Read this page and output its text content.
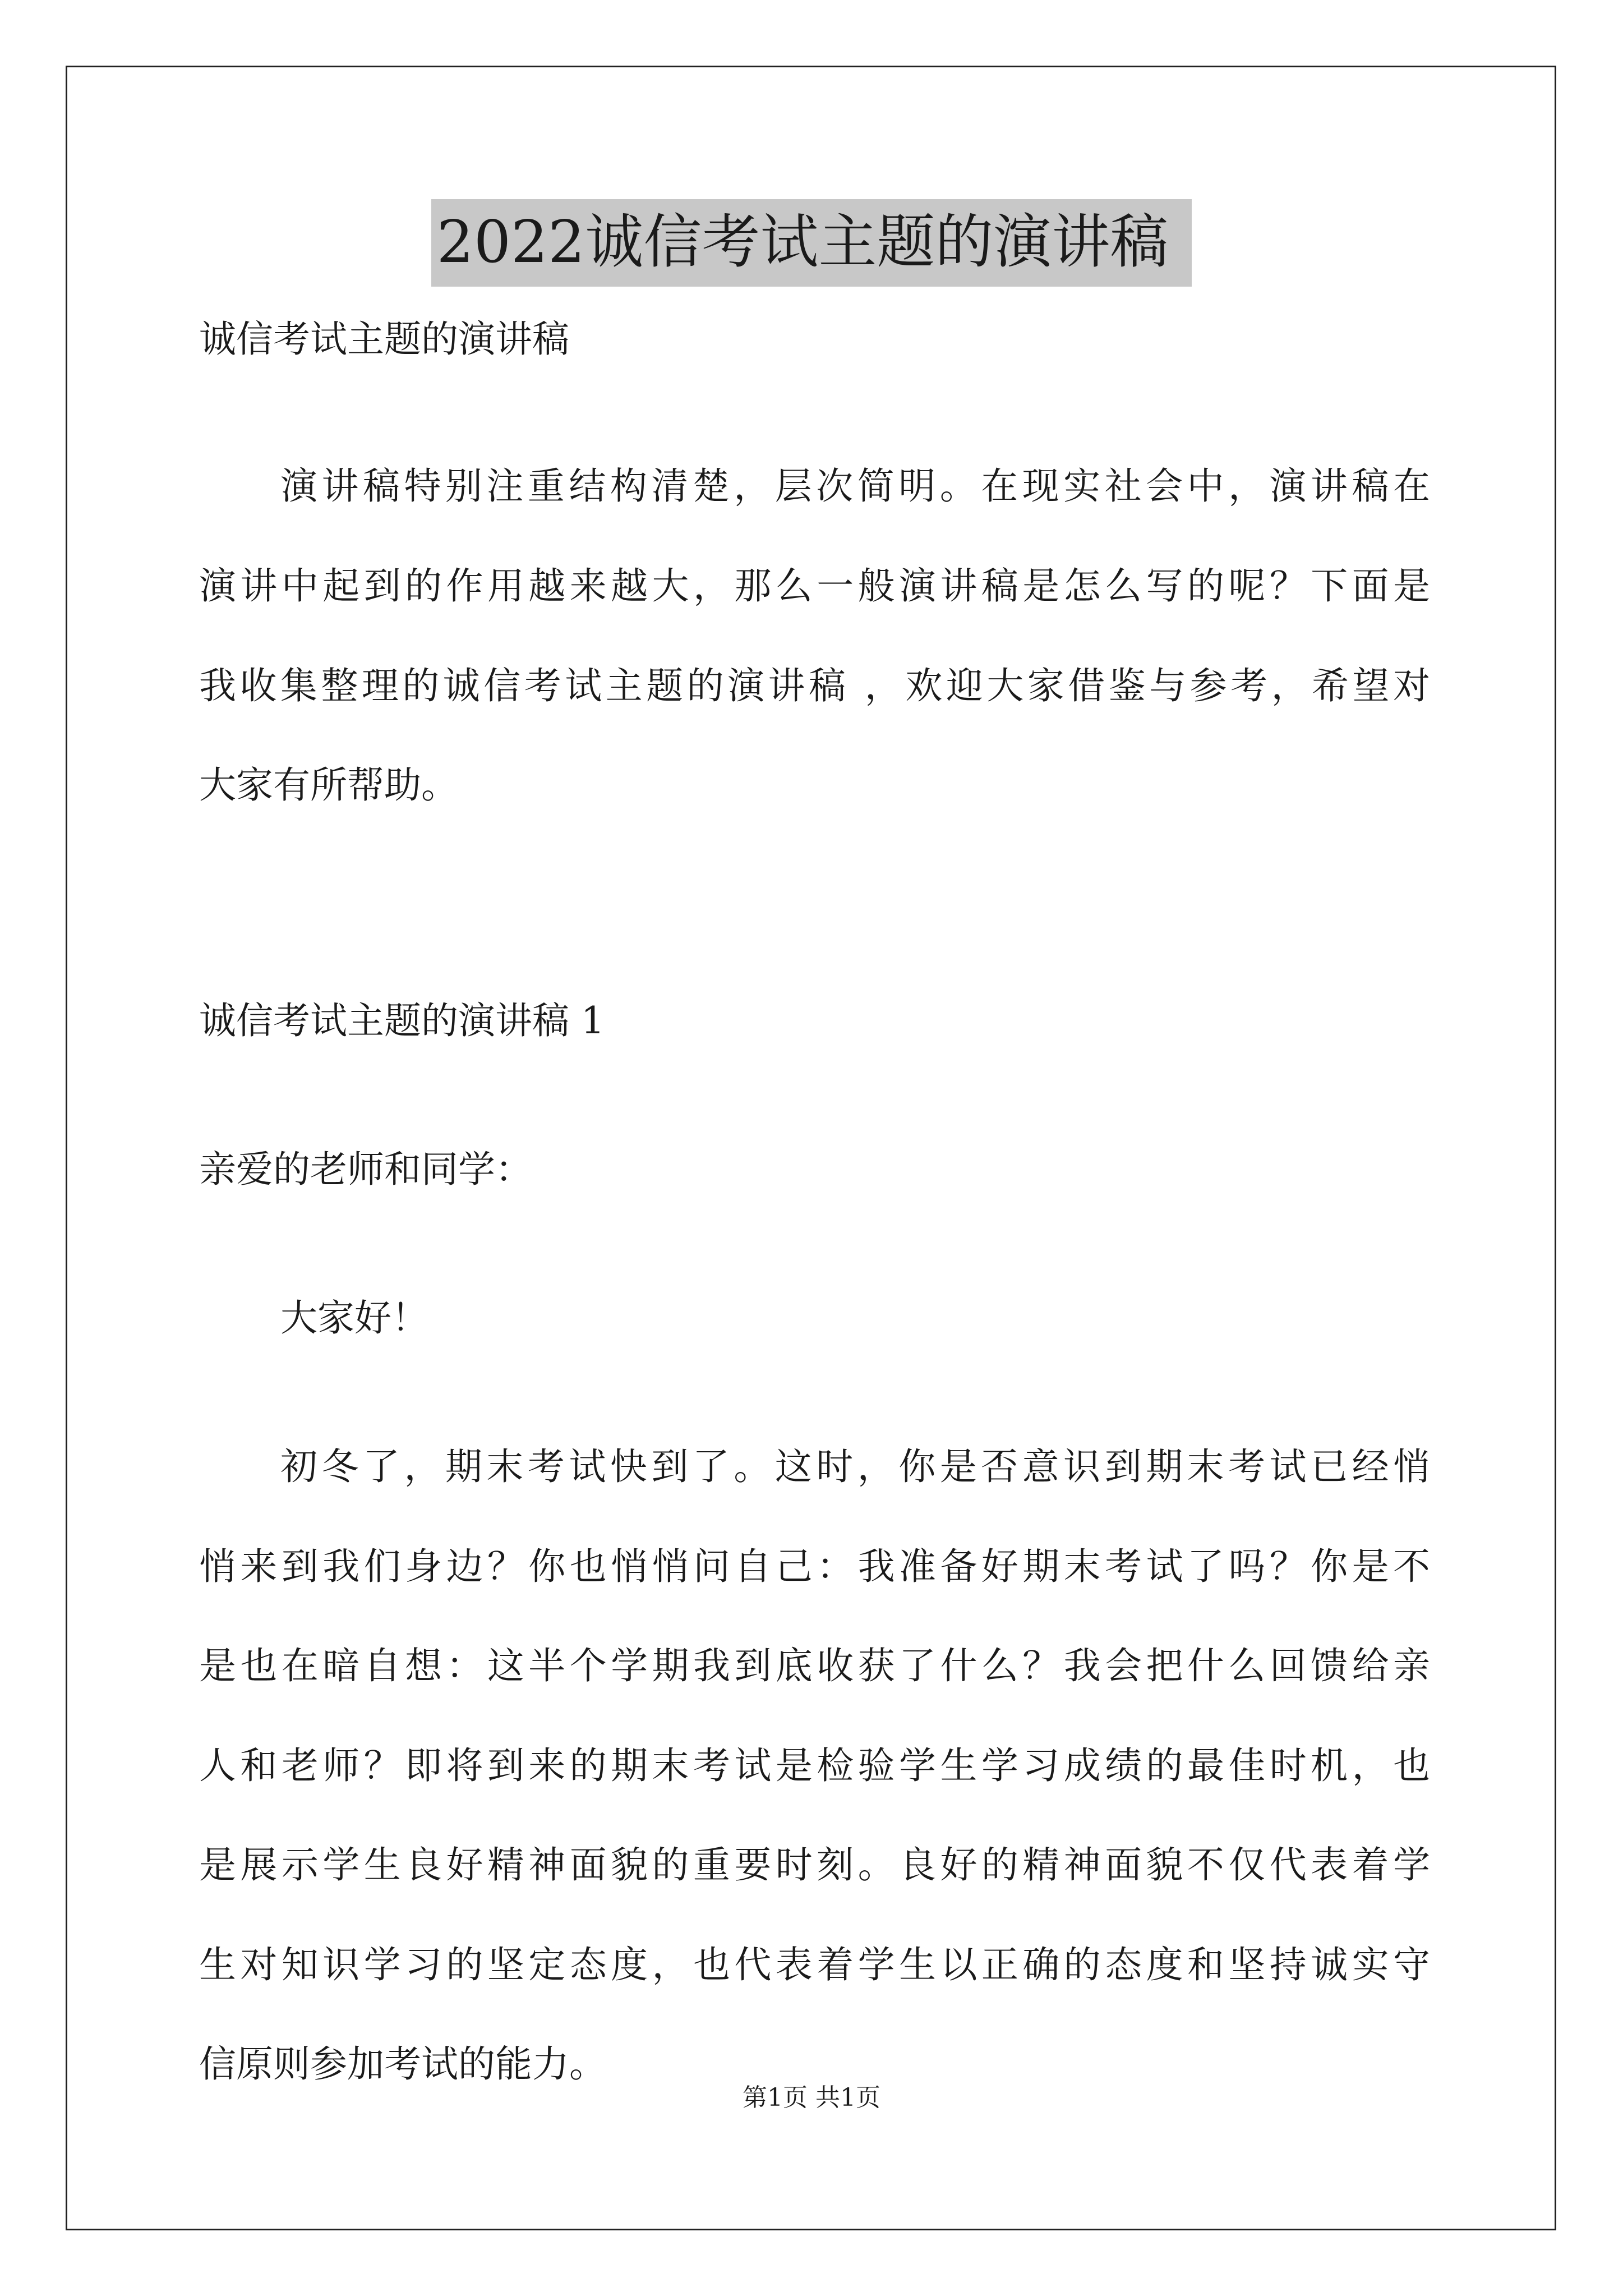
2022诚信考试主题的演讲稿
诚信考试主题的演讲稿
演讲稿特别注重结构清楚，层次简明。在现实社会中，演讲稿在
演讲中起到的作用越来越大，那么一般演讲稿是怎么写的呢？下面是
我收集整理的诚信考试主题的演讲稿 ，欢迎大家借鉴与参考，希望对
大家有所帮助。
诚信考试主题的演讲稿 1
亲爱的老师和同学：
大家好！
初冬了，期末考试快到了。这时，你是否意识到期末考试已经悄
悄来到我们身边？你也悄悄问自己：我准备好期末考试了吗？你是不
是也在暗自想：这半个学期我到底收获了什么？我会把什么回馈给亲
人和老师？即将到来的期末考试是检验学生学习成绩的最佳时机，也
是展示学生良好精神面貌的重要时刻。良好的精神面貌不仅代表着学
生对知识学习的坚定态度，也代表着学生以正确的态度和坚持诚实守
信原则参加考试的能力。
第1页 共1页
